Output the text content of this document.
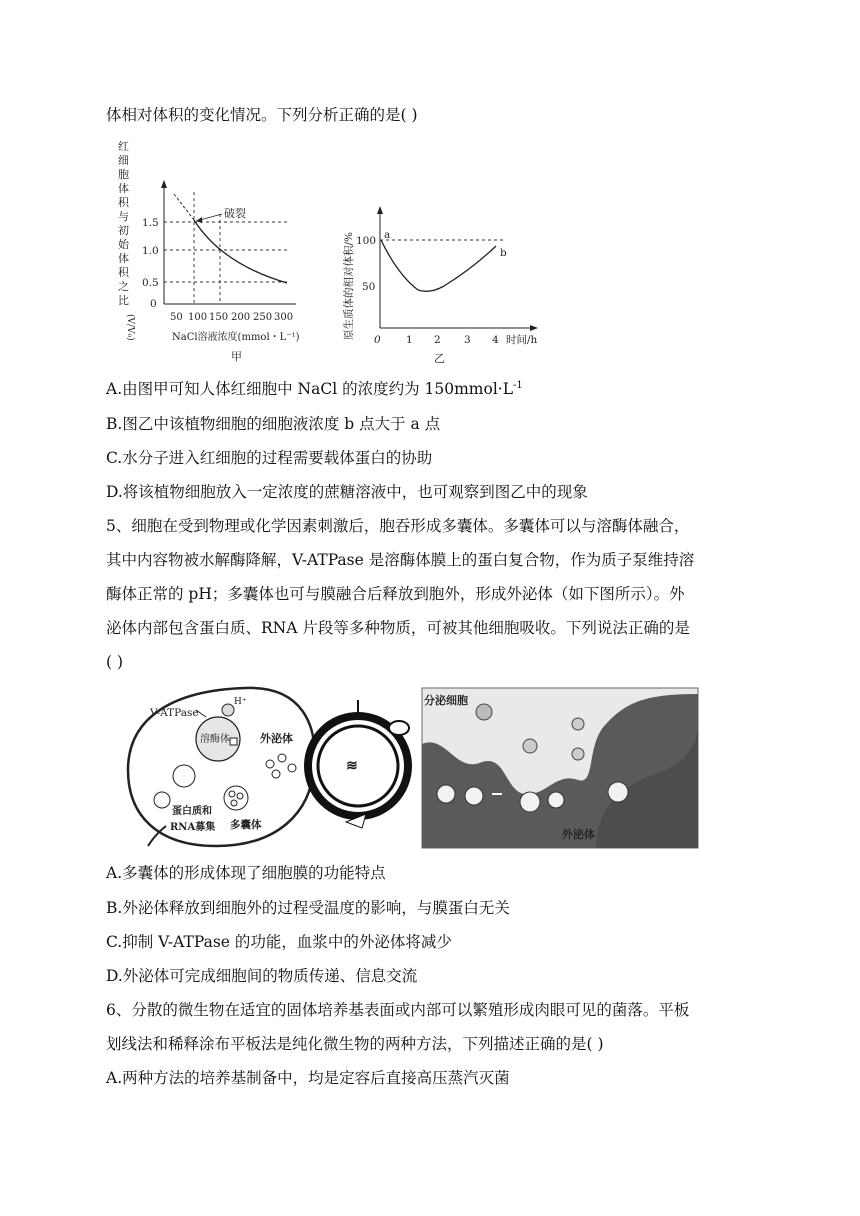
体相对体积的变化情况。下列分析正确的是( )
红
细
胞
体
积
与
初
始
体
积
之
比
(V/V₀)
1.5
1.0
0.5
0
破裂
50 100 150 200 250 300
NaCl溶液浓度(mmol・L⁻¹)
甲
原生质体的相对体积/% 100
50
a
b
0 1 2 3 4 时间/h
乙
A.由图甲可知人体红细胞中 NaCl 的浓度约为 $150mmol\cdot L^{-1}$
B.图乙中该植物细胞的细胞液浓度 b 点大于 a 点
C.水分子进入红细胞的过程需要载体蛋白的协助
D.将该植物细胞放入一定浓度的蔗糖溶液中，也可观察到图乙中的现象
5、细胞在受到物理或化学因素刺激后，胞吞形成多囊体。多囊体可以与溶酶体融合，
其中内容物被水解酶降解，V-ATPase 是溶酶体膜上的蛋白复合物，作为质子泵维持溶
酶体正常的 pH；多囊体也可与膜融合后释放到胞外，形成外泌体（如下图所示）。外
泌体内部包含蛋白质、RNA 片段等多种物质，可被其他细胞吸收。下列说法正确的是
( )
V-ATPase
H⁺
溶酶体
多囊体
蛋白质和
RNA募集
外泌体
≋
分泌细胞
外泌体
A.多囊体的形成体现了细胞膜的功能特点
B.外泌体释放到细胞外的过程受温度的影响，与膜蛋白无关
C.抑制 V-ATPase 的功能，血浆中的外泌体将减少
D.外泌体可完成细胞间的物质传递、信息交流
6、分散的微生物在适宜的固体培养基表面或内部可以繁殖形成肉眼可见的菌落。平板
划线法和稀释涂布平板法是纯化微生物的两种方法，下列描述正确的是( )
A.两种方法的培养基制备中，均是定容后直接高压蒸汽灭菌
